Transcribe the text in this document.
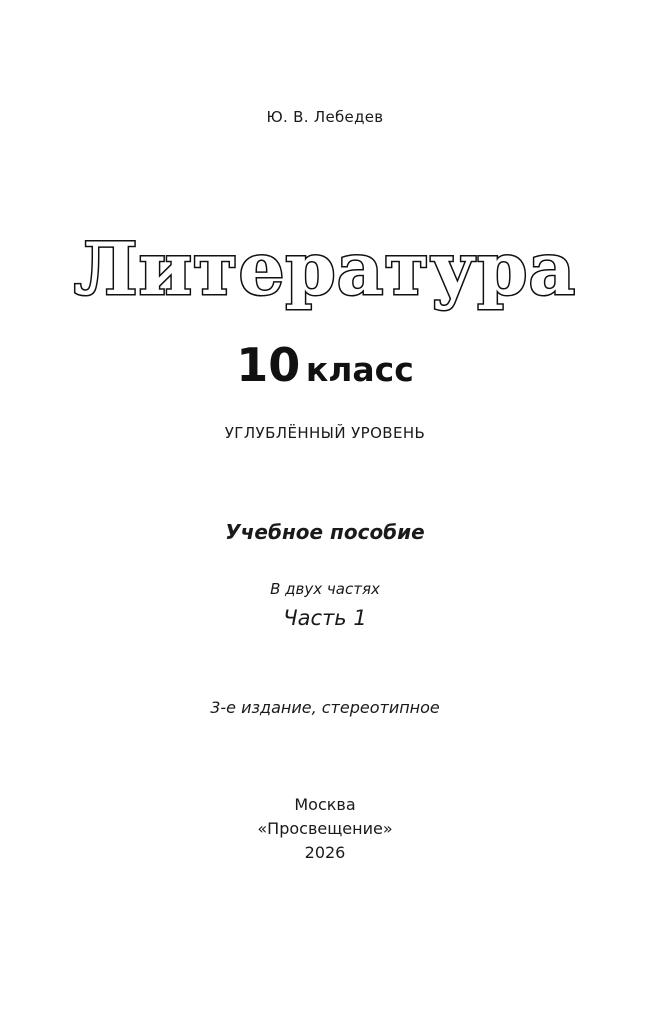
Ю. В. Лебедев
Литература
10 класс
УГЛУБЛЁННЫЙ УРОВЕНЬ
Учебное пособие
В двух частях
Часть 1
3-е издание, стереотипное
Москва
«Просвещение»
2026
